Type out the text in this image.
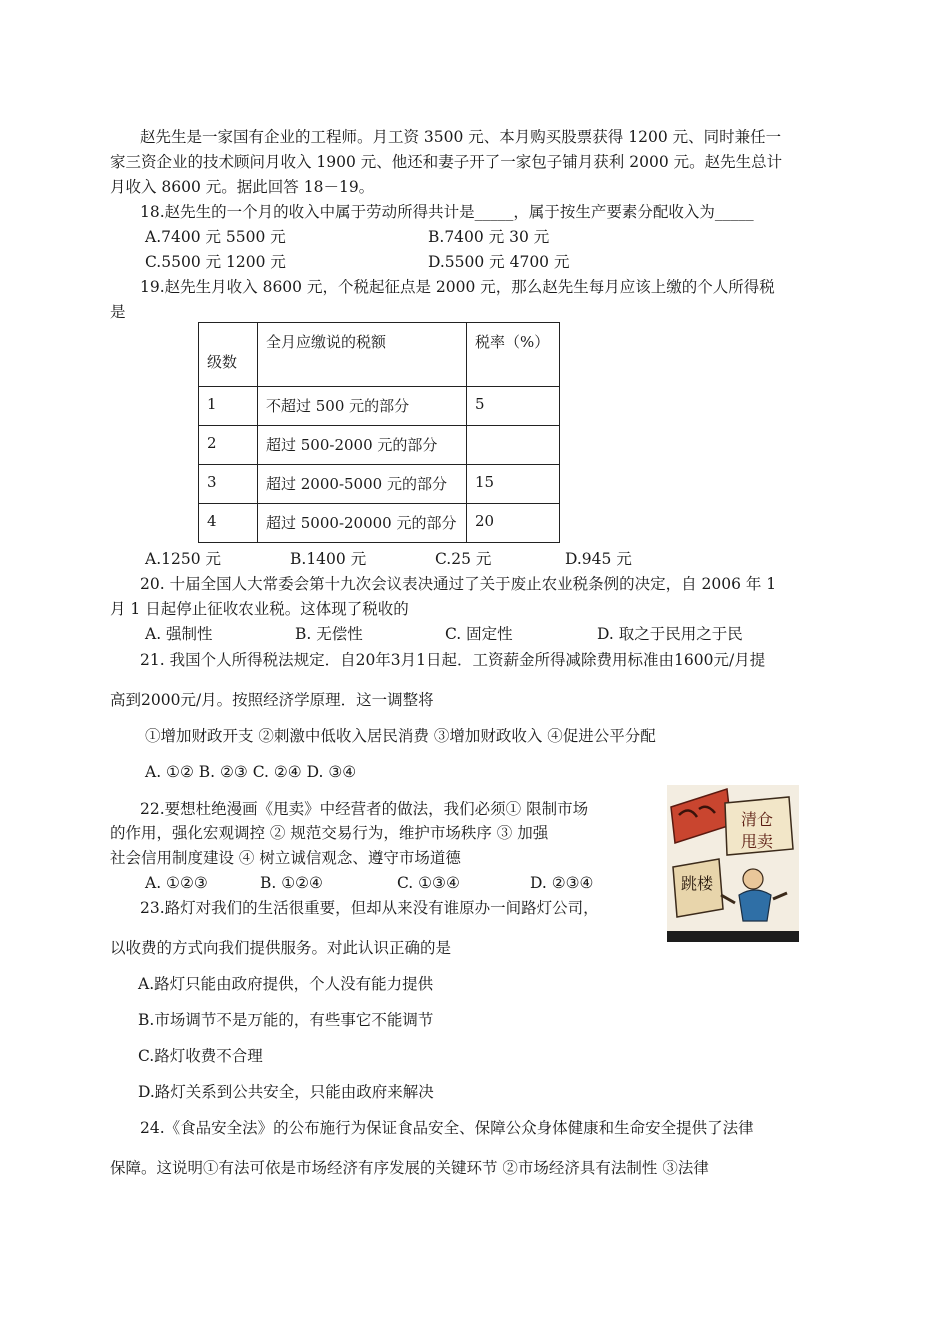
赵先生是一家国有企业的工程师。月工资 3500 元、本月购买股票获得 1200 元、同时兼任一
家三资企业的技术顾问月收入 1900 元、他还和妻子开了一家包子铺月获利 2000 元。赵先生总计
月收入 8600 元。据此回答 18－19。
18.赵先生的一个月的收入中属于劳动所得共计是_____，属于按生产要素分配收入为_____
A.7400 元 5500 元	B.7400 元 30 元
C.5500 元 1200 元	D.5500 元 4700 元
19.赵先生月收入 8600 元，个税起征点是 2000 元，那么赵先生每月应该上缴的个人所得税
是
级数	全月应缴说的税额	税率（%）
1	不超过 500 元的部分	5
2	超过 500-2000 元的部分	
3	超过 2000-5000 元的部分	15
4	超过 5000-20000 元的部分	20
A.1250 元	B.1400 元	C.25 元	D.945 元
20. 十届全国人大常委会第十九次会议表决通过了关于废止农业税条例的决定，自 2006 年 1
月 1 日起停止征收农业税。这体现了税收的
A. 强制性	B. 无偿性	C. 固定性	D. 取之于民用之于民
21. 我国个人所得税法规定．自20年3月1日起．工资薪金所得减除费用标准由1600元/月提
高到2000元/月。按照经济学原理．这一调整将
①增加财政开支 ②刺激中低收入居民消费 ③增加财政收入 ④促进公平分配
A. ①② B. ②③ C. ②④ D. ③④
22.要想杜绝漫画《甩卖》中经营者的做法，我们必须① 限制市场
的作用，强化宏观调控 ② 规范交易行为，维护市场秩序 ③ 加强
社会信用制度建设 ④ 树立诚信观念、遵守市场道德
A. ①②③	B. ①②④	C. ①③④	D. ②③④
清仓
甩卖
跳楼
23.路灯对我们的生活很重要，但却从来没有谁原办一间路灯公司，
以收费的方式向我们提供服务。对此认识正确的是
A.路灯只能由政府提供，个人没有能力提供
B.市场调节不是万能的，有些事它不能调节
C.路灯收费不合理
D.路灯关系到公共安全，只能由政府来解决
24.《食品安全法》的公布施行为保证食品安全、保障公众身体健康和生命安全提供了法律
保障。这说明①有法可依是市场经济有序发展的关键环节 ②市场经济具有法制性 ③法律
